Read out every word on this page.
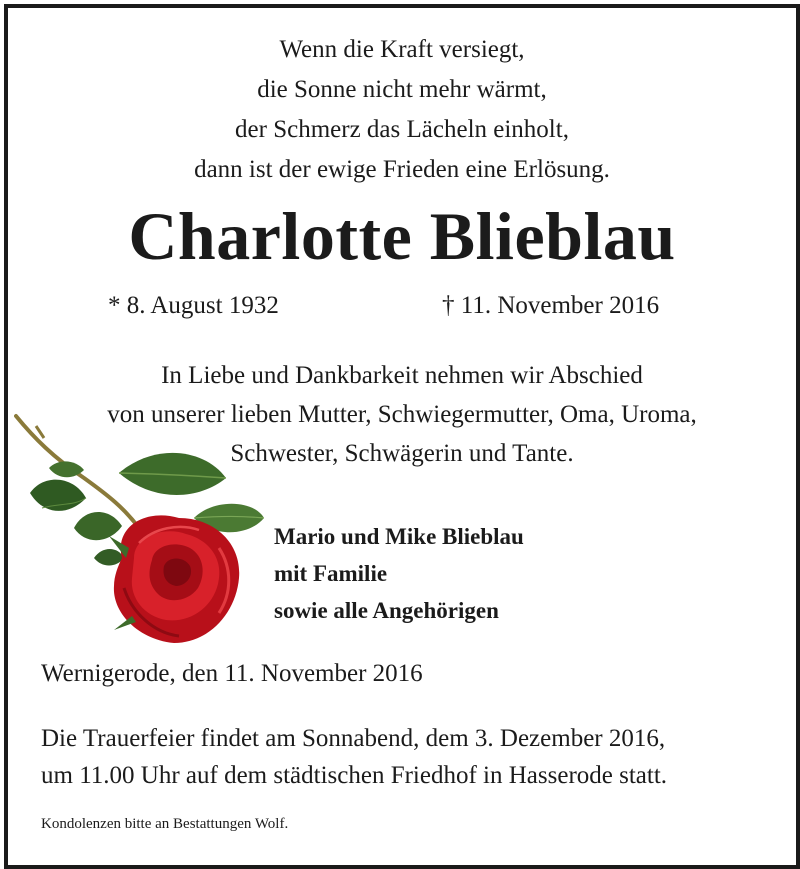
Wenn die Kraft versiegt,
die Sonne nicht mehr wärmt,
der Schmerz das Lächeln einholt,
dann ist der ewige Frieden eine Erlösung.
Charlotte Blieblau
* 8. August 1932	† 11. November 2016
In Liebe und Dankbarkeit nehmen wir Abschied
von unserer lieben Mutter, Schwiegermutter, Oma, Uroma,
Schwester, Schwägerin und Tante.
Mario und Mike Blieblau
mit Familie
sowie alle Angehörigen
Wernigerode, den 11. November 2016
Die Trauerfeier findet am Sonnabend, dem 3. Dezember 2016,
um 11.00 Uhr auf dem städtischen Friedhof in Hasserode statt.
Kondolenzen bitte an Bestattungen Wolf.
